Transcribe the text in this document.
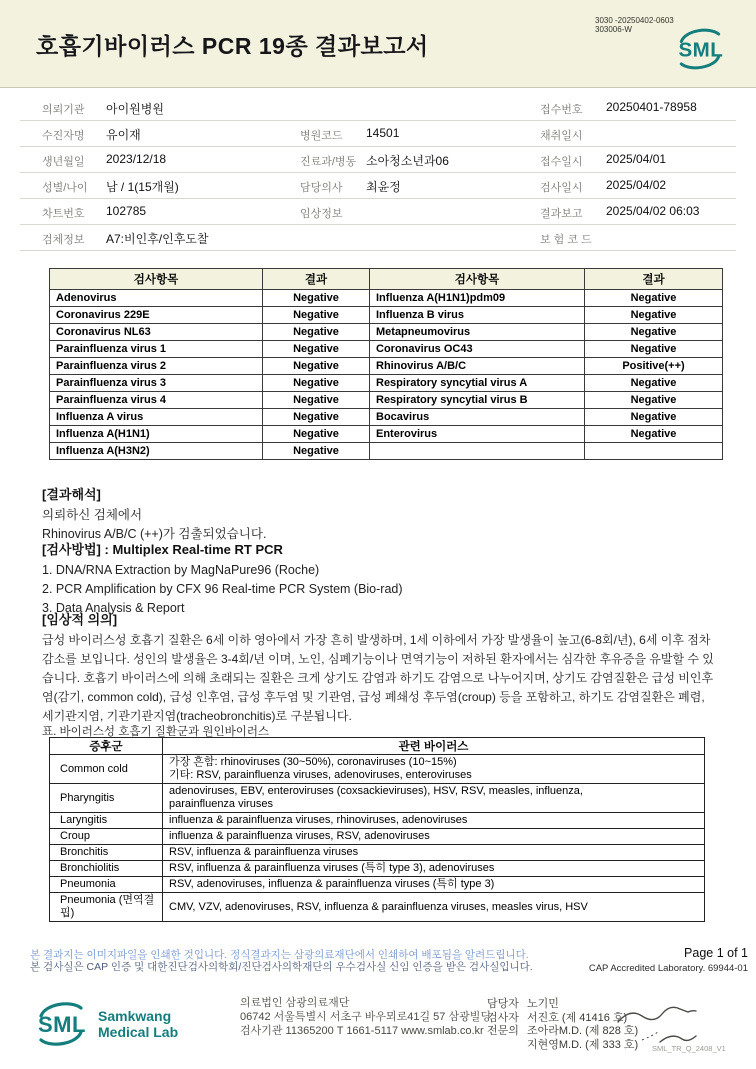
호흡기바이러스 PCR 19종 결과보고서
3030 -20250402-0603
303006-W
SML
의뢰기관 아이원병원	접수번호 20250401-78958
수진자명 유이재	병원코드 14501	채취일시
생년월일 2023/12/18	진료과/병동 소아청소년과06	접수일시 2025/04/01
성별/나이 남 / 1(15개월)	담당의사 최윤정	검사일시 2025/04/02
차트번호 102785	임상정보	결과보고 2025/04/02 06:03
검체정보 A7:비인후/인후도찰	보 험 코 드
검사항목	결과	검사항목	결과
Adenovirus	Negative	Influenza A(H1N1)pdm09	Negative
Coronavirus 229E	Negative	Influenza B virus	Negative
Coronavirus NL63	Negative	Metapneumovirus	Negative
Parainfluenza virus 1	Negative	Coronavirus OC43	Negative
Parainfluenza virus 2	Negative	Rhinovirus A/B/C	Positive(++)
Parainfluenza virus 3	Negative	Respiratory syncytial virus A	Negative
Parainfluenza virus 4	Negative	Respiratory syncytial virus B	Negative
Influenza A virus	Negative	Bocavirus	Negative
Influenza A(H1N1)	Negative	Enterovirus	Negative
Influenza A(H3N2)	Negative		
[결과해석]
의뢰하신 검체에서
Rhinovirus A/B/C (++)가 검출되었습니다.
[검사방법] : Multiplex Real-time RT PCR
1. DNA/RNA Extraction by MagNaPure96 (Roche)
2. PCR Amplification by CFX 96 Real-time PCR System (Bio-rad)
3. Data Analysis & Report
[임상적 의의]

급성 바이러스성 호흡기 질환은 6세 이하 영아에서 가장 흔히 발생하며, 1세 이하에서 가장 발생율이 높고(6-8회/년), 6세 이후 점차 감소를 보입니다. 성인의 발생율은 3-4회/년 이며, 노인, 심폐기능이나 면역기능이 저하된 환자에서는 심각한 후유증을 유발할 수 있습니다. 호흡기 바이러스에 의해 초래되는 질환은 크게 상기도 감염과 하기도 감염으로 나누어지며, 상기도 감염질환은 급성 비인후염(감기, common cold), 급성 인후염, 급성 후두염 및 기관염, 급성 폐쇄성 후두염(croup) 등을 포함하고, 하기도 감염질환은 폐렴, 세기관지염, 기관기관지염(tracheobronchitis)로 구분됩니다.

표. 바이러스성 호흡기 질환군과 원인바이러스
증후군	관련 바이러스
Common cold	가장 흔함: rhinoviruses (30~50%), coronaviruses (10~15%)
기타: RSV, parainfluenza viruses, adenoviruses, enteroviruses

Pharyngitis	adenoviruses, EBV, enteroviruses (coxsackieviruses), HSV, RSV, measles, influenza,
parainfluenza viruses

Laryngitis	influenza & parainfluenza viruses, rhinoviruses, adenoviruses
Croup	influenza & parainfluenza viruses, RSV, adenoviruses
Bronchitis	RSV, influenza & parainfluenza viruses
Bronchiolitis	RSV, influenza & parainfluenza viruses (특히 type 3), adenoviruses
Pneumonia	RSV, adenoviruses, influenza & parainfluenza viruses (특히 type 3)
Pneumonia (면역결핍)	CMV, VZV, adenoviruses, RSV, influenza & parainfluenza viruses, measles virus, HSV
본 결과지는 이미지파일을 인쇄한 것입니다. 정식결과지는 삼광의료재단에서 인쇄하여 배포됨을 알려드립니다.
본 검사실은 CAP 인증 및 대한진단검사의학회/진단검사의학재단의 우수검사실 신임 인증을 받은 검사실입니다.
Page 1 of 1
CAP Accredited Laboratory. 69944-01
SML Samkwang
Medical Lab
의료법인 삼광의료재단
06742 서울특별시 서초구 바우뫼로41길 57 삼광빌딩
검사기관 11365200 T 1661-5117 www.smlab.co.kr
담당자 노기민
검사자 서진호 (제 41416 호)
전문의 조아라M.D. (제 828 호)
지현영M.D. (제 333 호) SML_TR_Q_2408_V1
